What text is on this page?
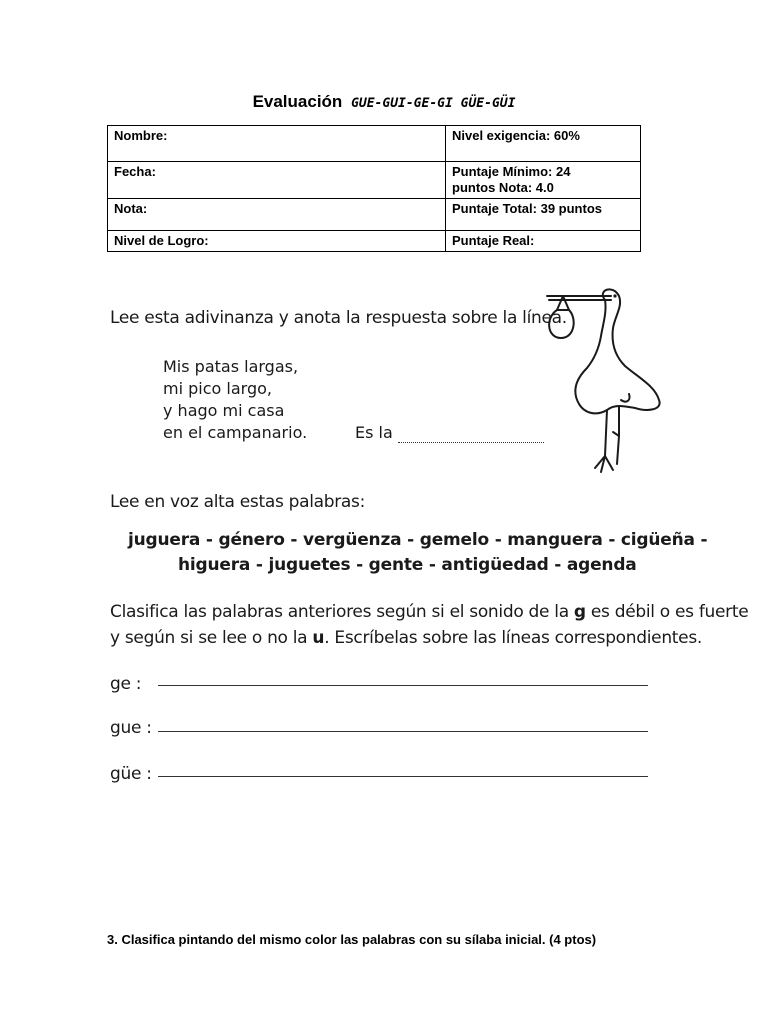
Evaluación GUE-GUI-GE-GI GÜE-GÜI
Nombre:	Nivel exigencia: 60%
Fecha:	Puntaje Mínimo: 24
puntos Nota: 4.0

Nota:	Puntaje Total: 39 puntos
Nivel de Logro:	Puntaje Real:
Lee esta adivinanza y anota la respuesta sobre la línea.
Mis patas largas,
mi pico largo,
y hago mi casa
en el campanario.	Es la
Lee en voz alta estas palabras:
juguera - género - vergüenza - gemelo - manguera - cigüeña -
higuera - juguetes - gente - antigüedad - agenda
Clasifica las palabras anteriores según si el sonido de la g es débil o es fuerte
y según si se lee o no la u. Escríbelas sobre las líneas correspondientes.
ge :
gue :
güe :
3. Clasifica pintando del mismo color las palabras con su sílaba inicial. (4 ptos)
